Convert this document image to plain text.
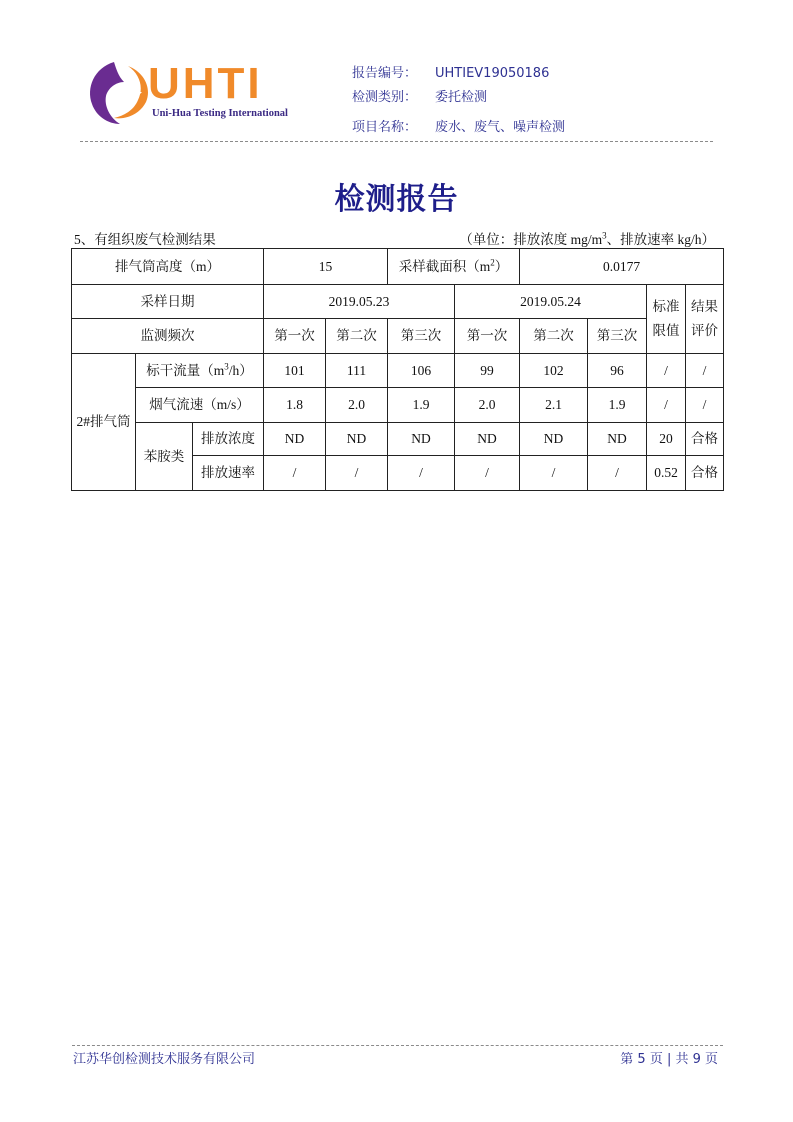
UHTI
Uni-Hua Testing International
报告编号： UHTIEV19050186
检测类别： 委托检测
项目名称： 废水、废气、噪声检测
检测报告
5、有组织废气检测结果	（单位：排放浓度 $mg/m^3$、排放速率 kg/h）
排气筒高度（m）			15		采样截面积$(m^2)$		0.0177			
采样日期			2019.05.23			2019.05.24			标准限值	结果评价
监测频次			第一次	第二次	第三次	第一次	第二次	第三次		
2#排气筒	标干流量$(m^3/h)$		101	111	106	99	102	96	/	/
	烟气流速（m/s）		1.8	2.0	1.9	2.0	2.1	1.9	/	/
	苯胺类	排放浓度	ND	ND	ND	ND	ND	ND	20	合格
		排放速率	/	/	/	/	/	/	0.52	合格
江苏华创检测技术服务有限公司	第 5 页 | 共 9 页
